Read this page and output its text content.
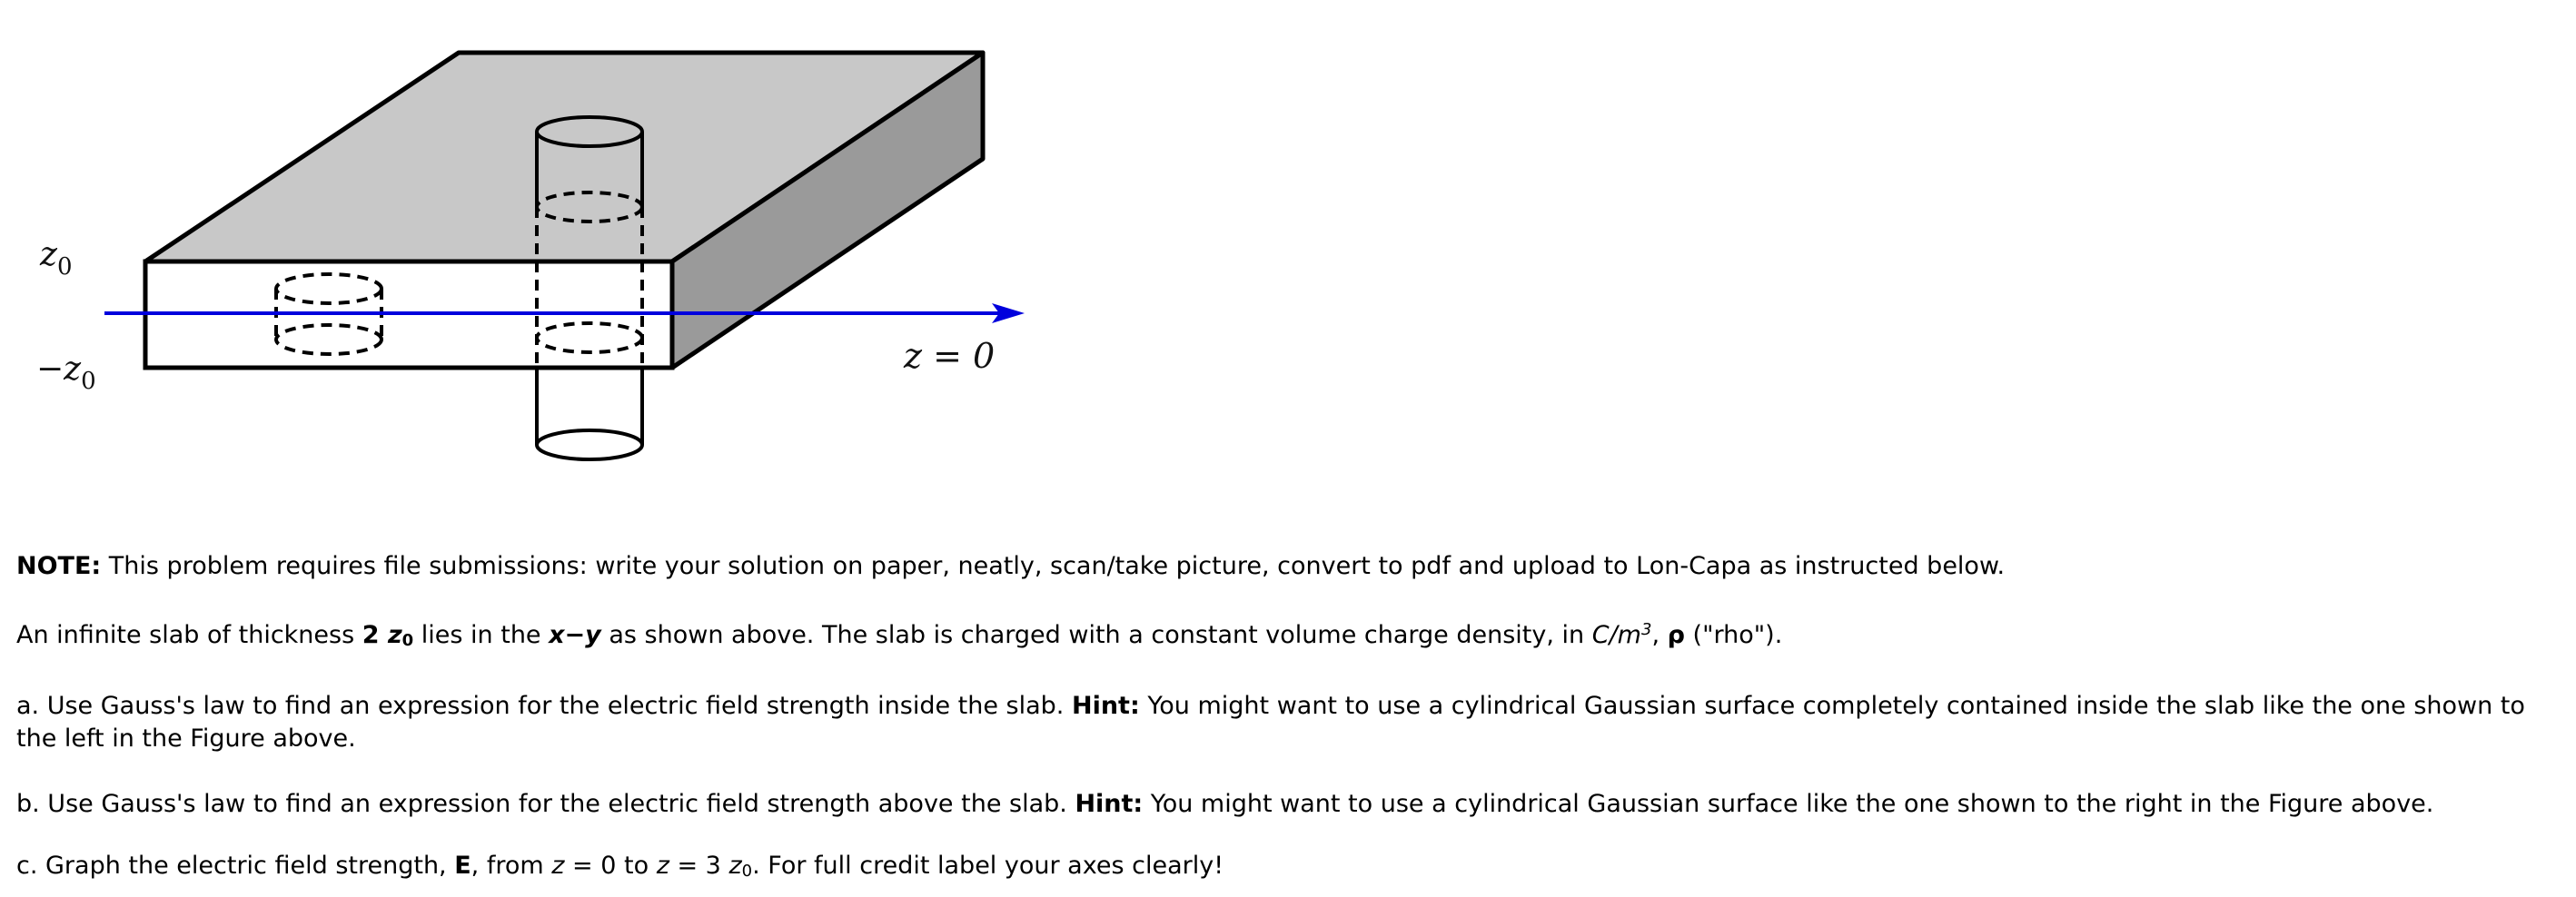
$z_0$
$-z_0$
z = 0

NOTE: This problem requires file submissions: write your solution on paper, neatly, scan/take picture, convert to pdf and upload to Lon-Capa as instructed below.

An infinite slab of thickness 2 $z_0$ lies in the x−y as shown above. The slab is charged with a constant volume charge density, in $C/m^3$, ρ ("rho").

a. Use Gauss's law to find an expression for the electric field strength inside the slab. Hint: You might want to use a cylindrical Gaussian surface completely contained inside the slab like the one shown to the left in the Figure above.

b. Use Gauss's law to find an expression for the electric field strength above the slab. Hint: You might want to use a cylindrical Gaussian surface like the one shown to the right in the Figure above.

c. Graph the electric field strength, E, from z = 0 to z = 3 $z_0$. For full credit label your axes clearly!
